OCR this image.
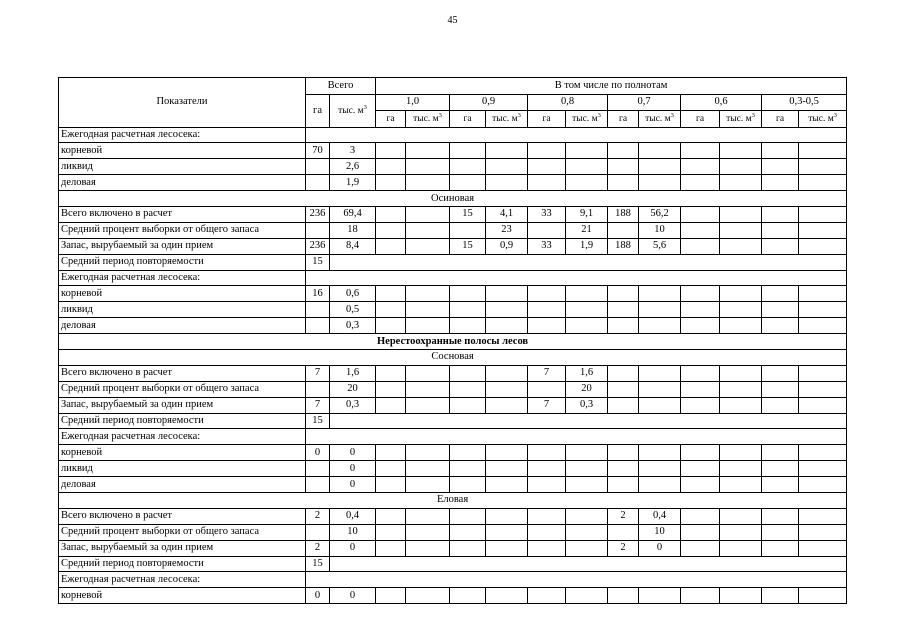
45
Показатели	Всего		В том числе по полнотам											
	га	тыс. $м^3$	1,0		0,9		0,8		0,7		0,6		0,3-0,5	
			га	тыс. $м^3$	га	тыс. $м^3$	га	тыс. $м^3$	га	тыс. $м^3$	га	тыс. $м^3$	га	тыс. $м^3$
Ежегодная расчетная лесосека:														
корневой	70	3												
ликвид		2,6												
деловая		1,9												
Осиновая														
Всего включено в расчет	236	69,4			15	4,1	33	9,1	188	56,2				
Средний процент выборки от общего запаса		18				23		21		10				
Запас, вырубаемый за один прием	236	8,4			15	0,9	33	1,9	188	5,6				
Средний период повторяемости	15													
Ежегодная расчетная лесосека:														
корневой	16	0,6												
ликвид		0,5												
деловая		0,3												
Нерестоохранные полосы лесов														
Сосновая														
Всего включено в расчет	7	1,6					7	1,6						
Средний процент выборки от общего запаса		20						20						
Запас, вырубаемый за один прием	7	0,3					7	0,3						
Средний период повторяемости	15													
Ежегодная расчетная лесосека:														
корневой	0	0												
ликвид		0												
деловая		0												
Еловая														
Всего включено в расчет	2	0,4							2	0,4				
Средний процент выборки от общего запаса		10								10				
Запас, вырубаемый за один прием	2	0							2	0				
Средний период повторяемости	15													
Ежегодная расчетная лесосека:														
корневой	0	0												
